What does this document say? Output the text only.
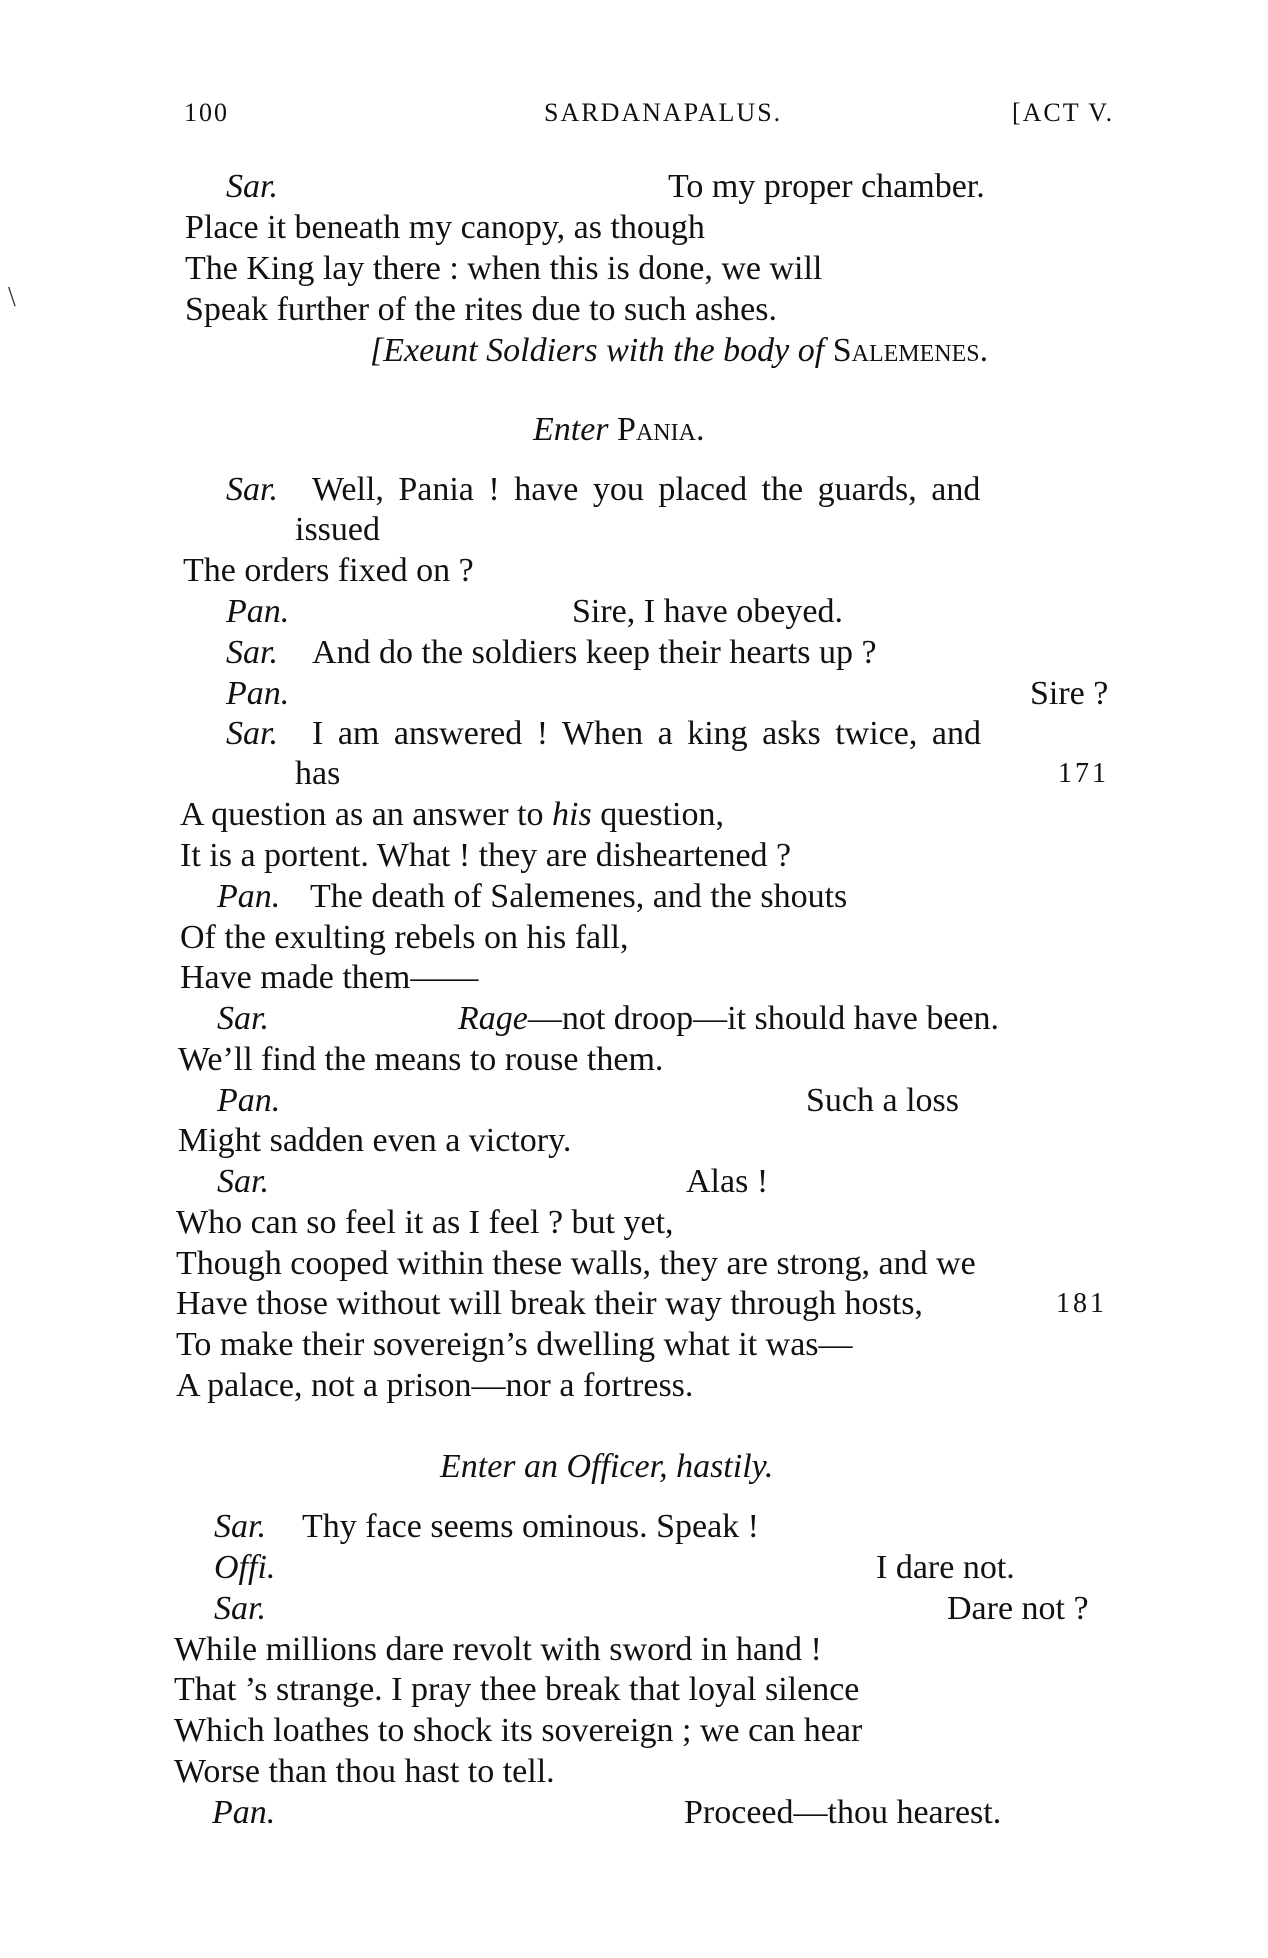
100	SARDANAPALUS.	[ACT V.
\
Sar.	To my proper chamber.
Place it beneath my canopy, as though
The King lay there : when this is done, we will
Speak further of the rites due to such ashes.
[Exeunt Soldiers with the body of Salemenes.
Enter Pania.
Sar. Well, Pania ! have you placed the guards, and
issued
The orders fixed on ?
Pan.	Sire, I have obeyed.
Sar. And do the soldiers keep their hearts up ?
Pan.	Sire ?
Sar. I am answered ! When a king asks twice, and
has	171
A question as an answer to his question,
It is a portent. What ! they are disheartened ?
Pan. The death of Salemenes, and the shouts
Of the exulting rebels on his fall,
Have made them——
Sar.	Rage—not droop—it should have been.
We’ll find the means to rouse them.
Pan.	Such a loss
Might sadden even a victory.
Sar.	Alas !
Who can so feel it as I feel ? but yet,
Though cooped within these walls, they are strong, and we
Have those without will break their way through hosts,	181
To make their sovereign’s dwelling what it was—
A palace, not a prison—nor a fortress.
Enter an Officer, hastily.
Sar. Thy face seems ominous. Speak !
Offi.	I dare not.
Sar.	Dare not ?
While millions dare revolt with sword in hand !
That ’s strange. I pray thee break that loyal silence
Which loathes to shock its sovereign ; we can hear
Worse than thou hast to tell.
Pan.	Proceed—thou hearest.
